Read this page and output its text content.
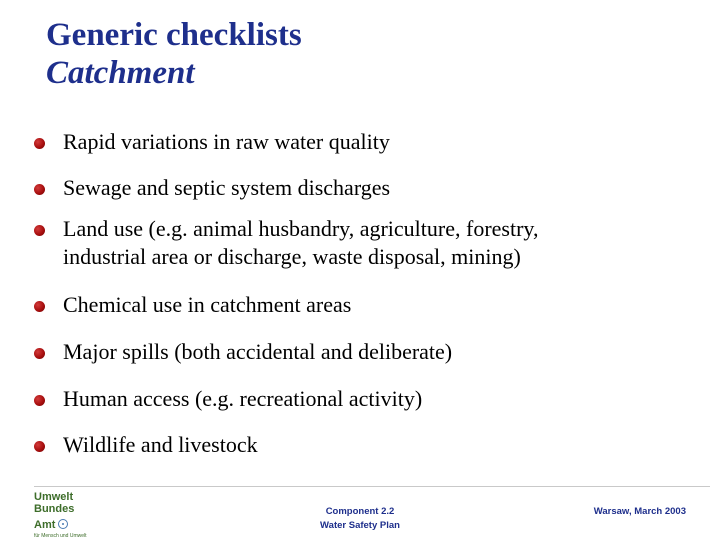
Generic checklists
Catchment
Rapid variations in raw water quality
Sewage and septic system discharges
Land use (e.g. animal husbandry, agriculture, forestry,
industrial area or discharge, waste disposal, mining)
Chemical use in catchment areas
Major spills (both accidental and deliberate)
Human access (e.g. recreational activity)
Wildlife and livestock
Umwelt
Bundes
Amt
für Mensch und Umwelt
Component 2.2
Water Safety Plan
Warsaw, March 2003
